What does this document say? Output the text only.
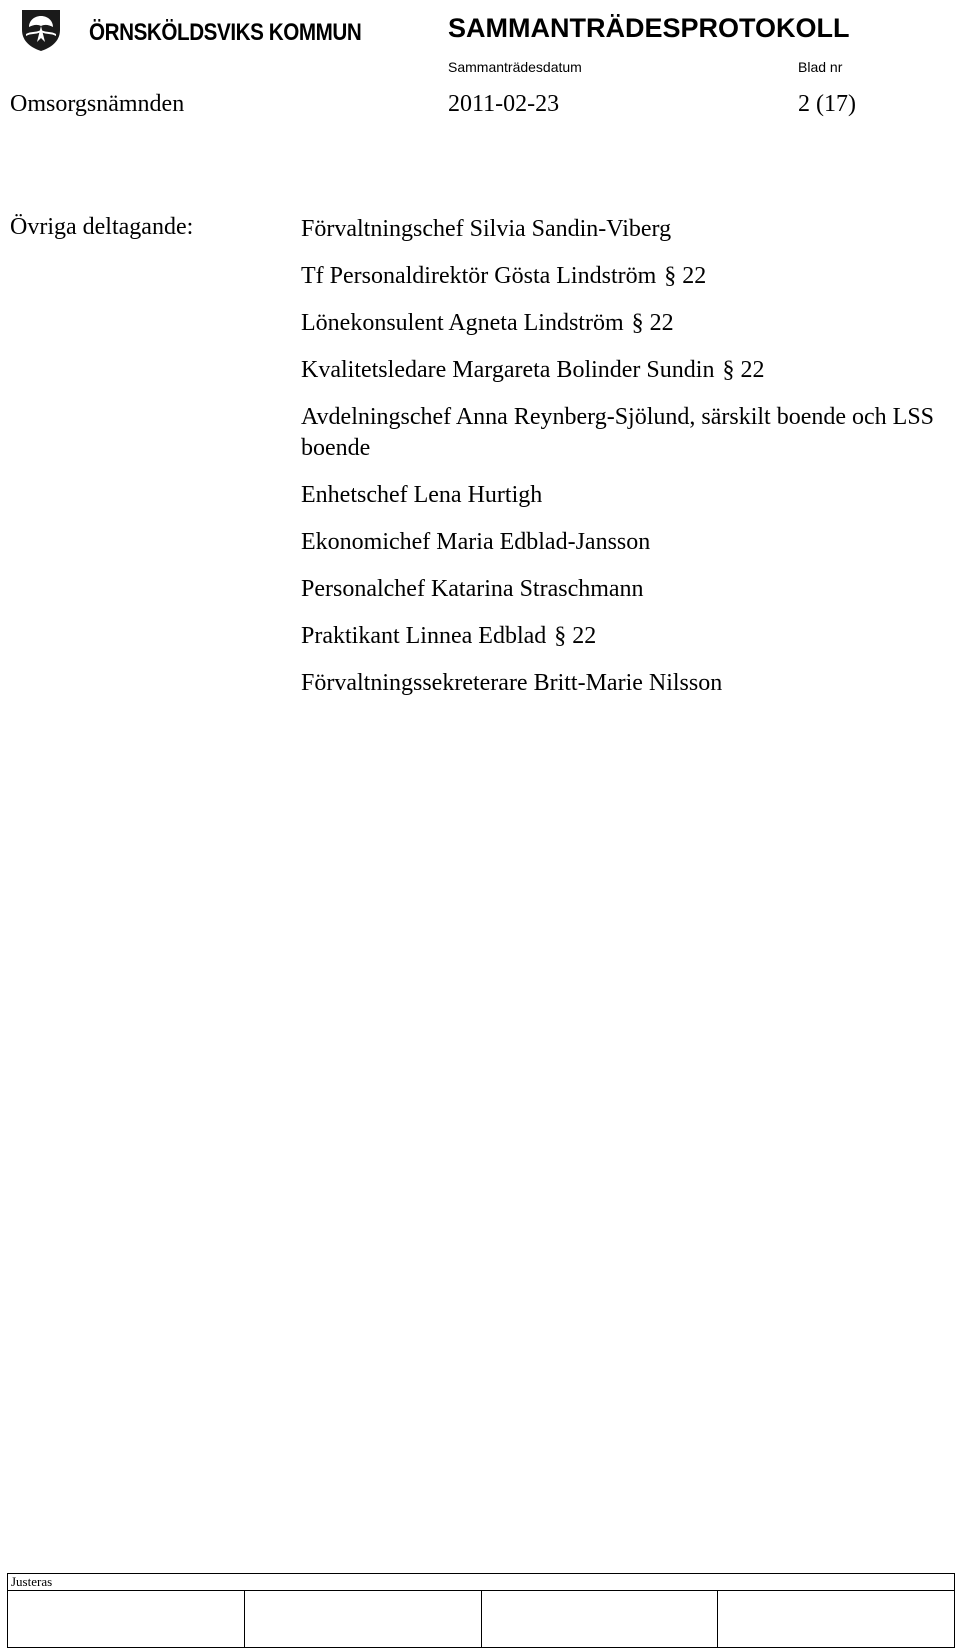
ÖRNSKÖLDSVIKS KOMMUN	SAMMANTRÄDESPROTOKOLL
Sammanträdesdatum	Blad nr
Omsorgsnämnden	2011-02-23	2 (17)
Övriga deltagande:	Förvaltningschef Silvia Sandin-Viberg
Tf Personaldirektör Gösta Lindström § 22
Lönekonsulent Agneta Lindström § 22
Kvalitetsledare Margareta Bolinder Sundin § 22
Avdelningschef Anna Reynberg-Sjölund, särskilt boende och LSS boende
Enhetschef Lena Hurtigh
Ekonomichef Maria Edblad-Jansson
Personalchef Katarina Straschmann
Praktikant Linnea Edblad § 22
Förvaltningssekreterare Britt-Marie Nilsson
Justeras
